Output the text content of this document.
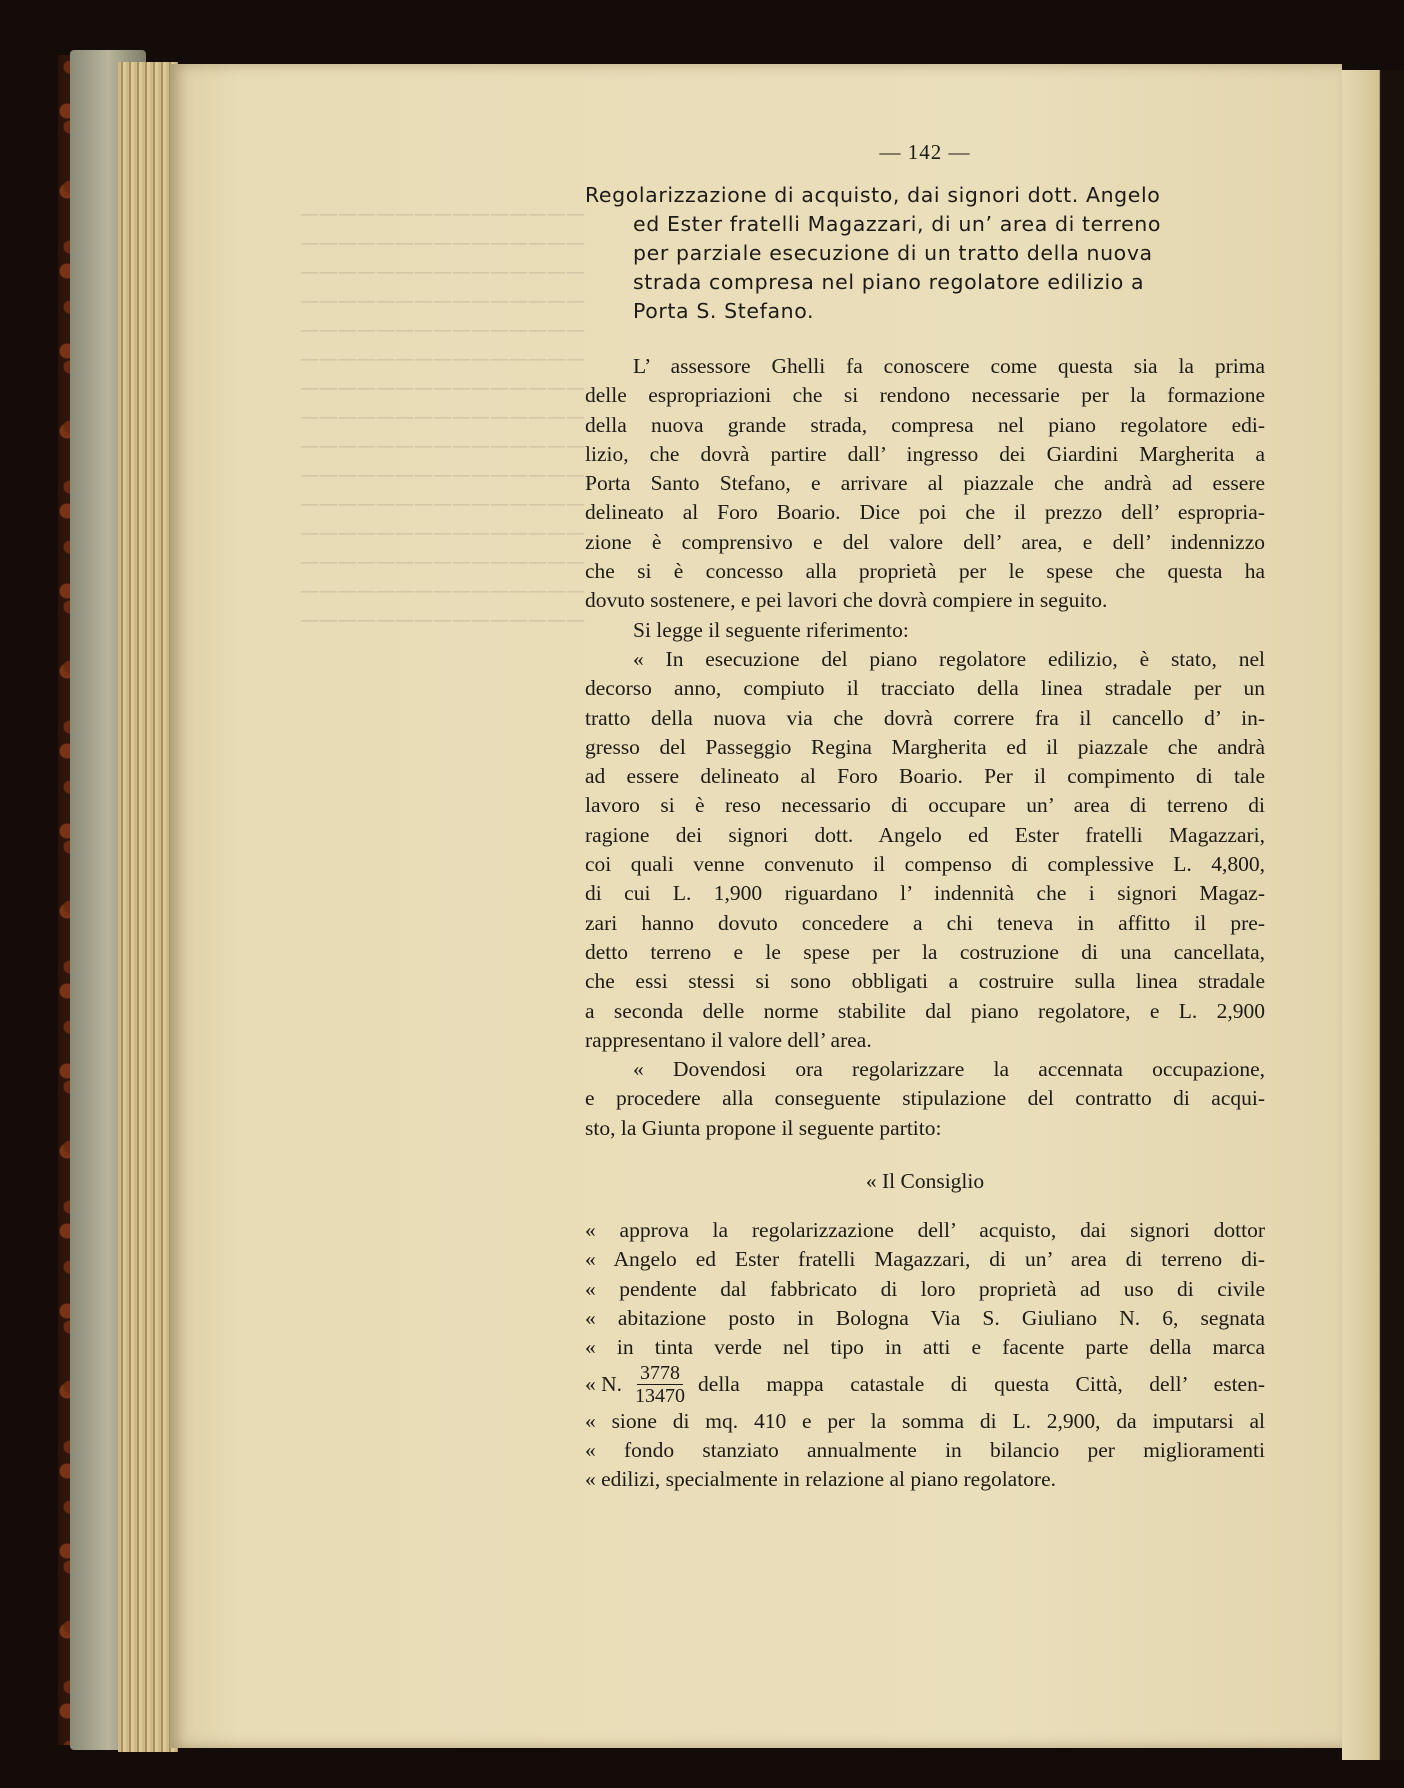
———————————————
———————————————
———————————————
———————————————
———————————————
———————————————
———————————————
———————————————
———————————————
———————————————
———————————————
———————————————
———————————————
———————————————
———————————————
— 142 —
Regolarizzazione di acquisto, dai signori dott. Angelo
ed Ester fratelli Magazzari, di un’ area di terreno
per parziale esecuzione di un tratto della nuova
strada compresa nel piano regolatore edilizio a
Porta S. Stefano.
L’ assessore Ghelli fa conoscere come questa sia la prima
delle espropriazioni che si rendono necessarie per la formazione
della nuova grande strada, compresa nel piano regolatore edi-
lizio, che dovrà partire dall’ ingresso dei Giardini Margherita a
Porta Santo Stefano, e arrivare al piazzale che andrà ad essere
delineato al Foro Boario. Dice poi che il prezzo dell’ espropria-
zione è comprensivo e del valore dell’ area, e dell’ indennizzo
che si è concesso alla proprietà per le spese che questa ha
dovuto sostenere, e pei lavori che dovrà compiere in seguito.
Si legge il seguente riferimento:
« In esecuzione del piano regolatore edilizio, è stato, nel
decorso anno, compiuto il tracciato della linea stradale per un
tratto della nuova via che dovrà correre fra il cancello d’ in-
gresso del Passeggio Regina Margherita ed il piazzale che andrà
ad essere delineato al Foro Boario. Per il compimento di tale
lavoro si è reso necessario di occupare un’ area di terreno di
ragione dei signori dott. Angelo ed Ester fratelli Magazzari,
coi quali venne convenuto il compenso di complessive L. 4,800,
di cui L. 1,900 riguardano l’ indennità che i signori Magaz-
zari hanno dovuto concedere a chi teneva in affitto il pre-
detto terreno e le spese per la costruzione di una cancellata,
che essi stessi si sono obbligati a costruire sulla linea stradale
a seconda delle norme stabilite dal piano regolatore, e L. 2,900
rappresentano il valore dell’ area.
« Dovendosi ora regolarizzare la accennata occupazione,
e procedere alla conseguente stipulazione del contratto di acqui-
sto, la Giunta propone il seguente partito:
« Il Consiglio
« approva la regolarizzazione dell’ acquisto, dai signori dottor
« Angelo ed Ester fratelli Magazzari, di un’ area di terreno di-
« pendente dal fabbricato di loro proprietà ad uso di civile
« abitazione posto in Bologna Via S. Giuliano N. 6, segnata
« in tinta verde nel tipo in atti e facente parte della marca
« N. $\frac{3778}{13470}$ della mappa catastale di questa Città, dell’ esten-
« sione di mq. 410 e per la somma di L. 2,900, da imputarsi al
« fondo stanziato annualmente in bilancio per miglioramenti
« edilizi, specialmente in relazione al piano regolatore.
